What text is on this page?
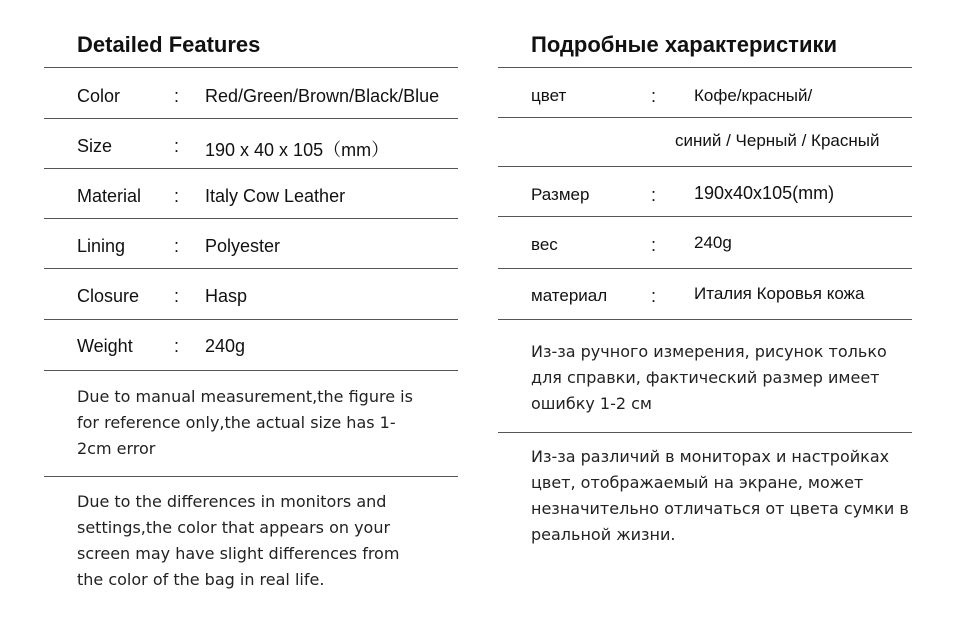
Detailed Features
Color	: Red/Green/Brown/Black/Blue
Size	: 190 x 40 x 105（mm）
Material : Italy Cow Leather
Lining	: Polyester
Closure : Hasp
Weight : 240g
Due to manual measurement,the figure is for reference only,the actual size has 1-2cm error
Due to the differences in monitors and settings,the color that appears on your screen may have slight differences from the color of the bag in real life.
Подробные характеристики
цвет	: Кофе/красный/
синий / Черный / Красный
Размер	: 190x40x105(mm)
вес	: 240g
материал : Италия Коровья кожа
Из-за ручного измерения, рисунок только для справки, фактический размер имеет ошибку 1-2 см
Из-за различий в мониторах и настройках цвет, отображаемый на экране, может незначительно отличаться от цвета сумки в реальной жизни.
